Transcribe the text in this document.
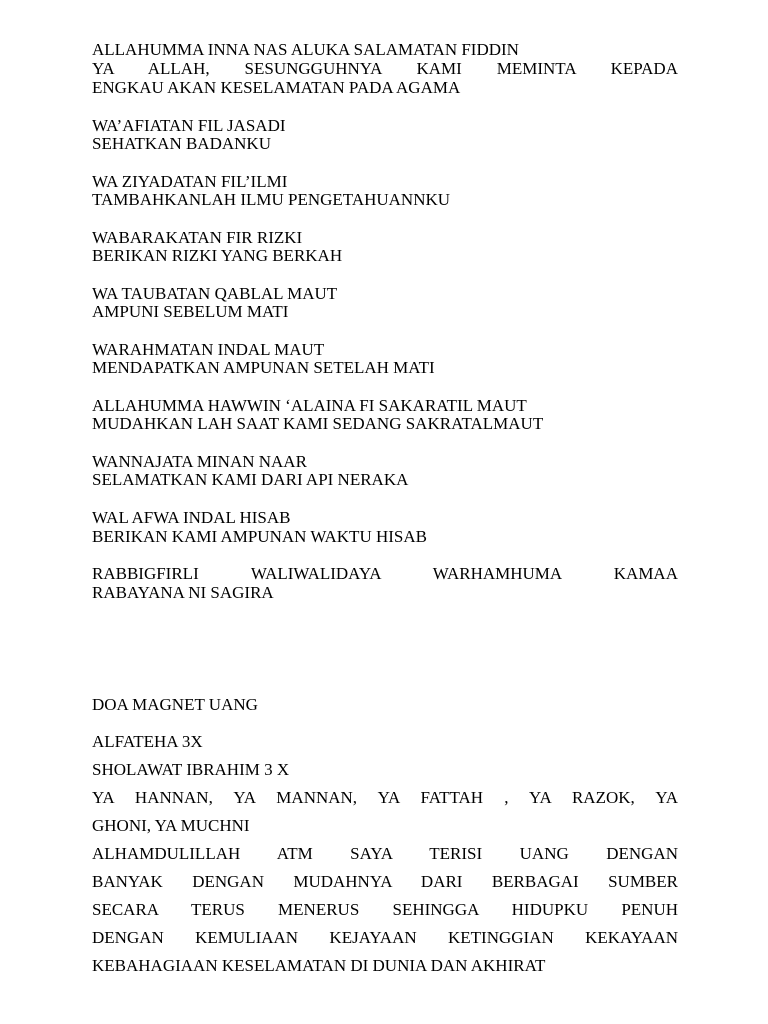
ALLAHUMMA INNA NAS ALUKA SALAMATAN FIDDIN
YA ALLAH, SESUNGGUHNYA KAMI MEMINTA KEPADA
ENGKAU AKAN KESELAMATAN PADA AGAMA
WA’AFIATAN FIL JASADI
SEHATKAN BADANKU
WA ZIYADATAN FIL’ILMI
TAMBAHKANLAH ILMU PENGETAHUANNKU
WABARAKATAN FIR RIZKI
BERIKAN RIZKI YANG BERKAH
WA TAUBATAN QABLAL MAUT
AMPUNI SEBELUM MATI
WARAHMATAN INDAL MAUT
MENDAPATKAN AMPUNAN SETELAH MATI
ALLAHUMMA HAWWIN ‘ALAINA FI SAKARATIL MAUT
MUDAHKAN LAH SAAT KAMI SEDANG SAKRATALMAUT
WANNAJATA MINAN NAAR
SELAMATKAN KAMI DARI API NERAKA
WAL AFWA INDAL HISAB
BERIKAN KAMI AMPUNAN WAKTU HISAB
RABBIGFIRLI WALIWALIDAYA WARHAMHUMA KAMAA
RABAYANA NI SAGIRA
DOA MAGNET UANG
ALFATEHA 3X
SHOLAWAT IBRAHIM 3 X
YA HANNAN, YA MANNAN, YA FATTAH , YA RAZOK, YA
GHONI, YA MUCHNI
ALHAMDULILLAH ATM SAYA TERISI UANG DENGAN
BANYAK DENGAN MUDAHNYA DARI BERBAGAI SUMBER
SECARA TERUS MENERUS SEHINGGA HIDUPKU PENUH
DENGAN KEMULIAAN KEJAYAAN KETINGGIAN KEKAYAAN
KEBAHAGIAAN KESELAMATAN DI DUNIA DAN AKHIRAT
